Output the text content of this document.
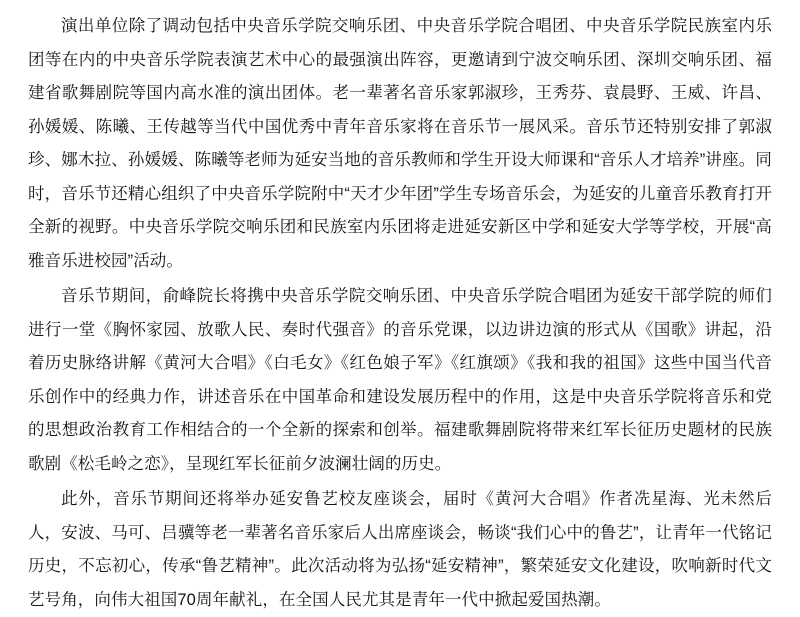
演出单位除了调动包括中央音乐学院交响乐团、中央音乐学院合唱团、中央音乐学院民族室内乐团等在内的中央音乐学院表演艺术中心的最强演出阵容，更邀请到宁波交响乐团、深圳交响乐团、福建省歌舞剧院等国内高水准的演出团体。老一辈著名音乐家郭淑珍，王秀芬、袁晨野、王威、许昌、孙媛媛、陈曦、王传越等当代中国优秀中青年音乐家将在音乐节一展风采。音乐节还特别安排了郭淑珍、娜木拉、孙媛媛、陈曦等老师为延安当地的音乐教师和学生开设大师课和“音乐人才培养”讲座。同时，音乐节还精心组织了中央音乐学院附中“天才少年团”学生专场音乐会，为延安的儿童音乐教育打开全新的视野。中央音乐学院交响乐团和民族室内乐团将走进延安新区中学和延安大学等学校，开展“高雅音乐进校园”活动。

音乐节期间，俞峰院长将携中央音乐学院交响乐团、中央音乐学院合唱团为延安干部学院的师们进行一堂《胸怀家园、放歌人民、奏时代强音》的音乐党课，以边讲边演的形式从《国歌》讲起，沿着历史脉络讲解《黄河大合唱》《白毛女》《红色娘子军》《红旗颂》《我和我的祖国》这些中国当代音乐创作中的经典力作，讲述音乐在中国革命和建设发展历程中的作用，这是中央音乐学院将音乐和党的思想政治教育工作相结合的一个全新的探索和创举。福建歌舞剧院将带来红军长征历史题材的民族歌剧《松毛岭之恋》，呈现红军长征前夕波澜壮阔的历史。

此外，音乐节期间还将举办延安鲁艺校友座谈会，届时《黄河大合唱》作者冼星海、光未然后人，安波、马可、吕骥等老一辈著名音乐家后人出席座谈会，畅谈“我们心中的鲁艺”，让青年一代铭记历史，不忘初心，传承“鲁艺精神”。此次活动将为弘扬“延安精神”，繁荣延安文化建设，吹响新时代文艺号角，向伟大祖国70周年献礼，在全国人民尤其是青年一代中掀起爱国热潮。
